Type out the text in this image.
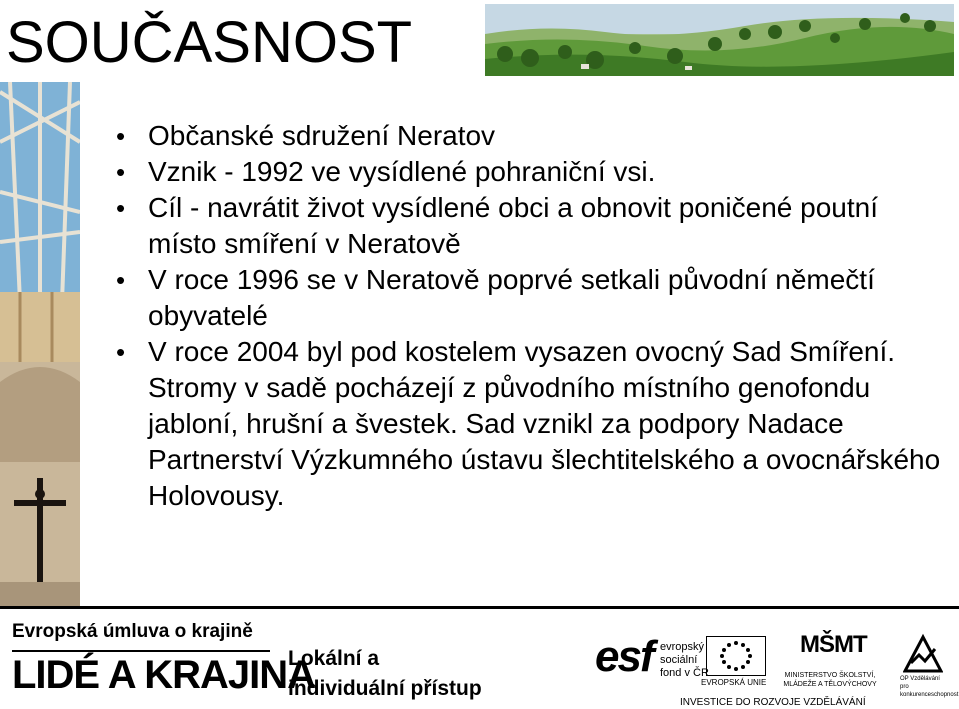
SOUČASNOST
• Občanské sdružení Neratov
• Vznik - 1992 ve vysídlené pohraniční vsi.
• Cíl - navrátit život vysídlené obci a obnovit poničené poutní místo smíření v Neratově
• V roce 1996 se v Neratově poprvé setkali původní němečtí obyvatelé
• V roce 2004 byl pod kostelem vysazen ovocný Sad Smíření. Stromy v sadě pocházejí z původního místního genofondu jabloní, hrušní a švestek. Sad vznikl za podpory Nadace Partnerství Výzkumného ústavu šlechtitelského a ovocnářského Holovousy.
Evropská úmluva o krajině
LIDÉ A KRAJINA
Lokální a
individuální přístup
esf evropský
sociální
fond v ČR
EVROPSKÁ UNIE
MŠMT
MINISTERSTVO ŠKOLSTVÍ,
MLÁDEŽE A TĚLOVÝCHOVY
OP Vzdělávání
pro konkurenceschopnost
INVESTICE DO ROZVOJE VZDĚLÁVÁNÍ
